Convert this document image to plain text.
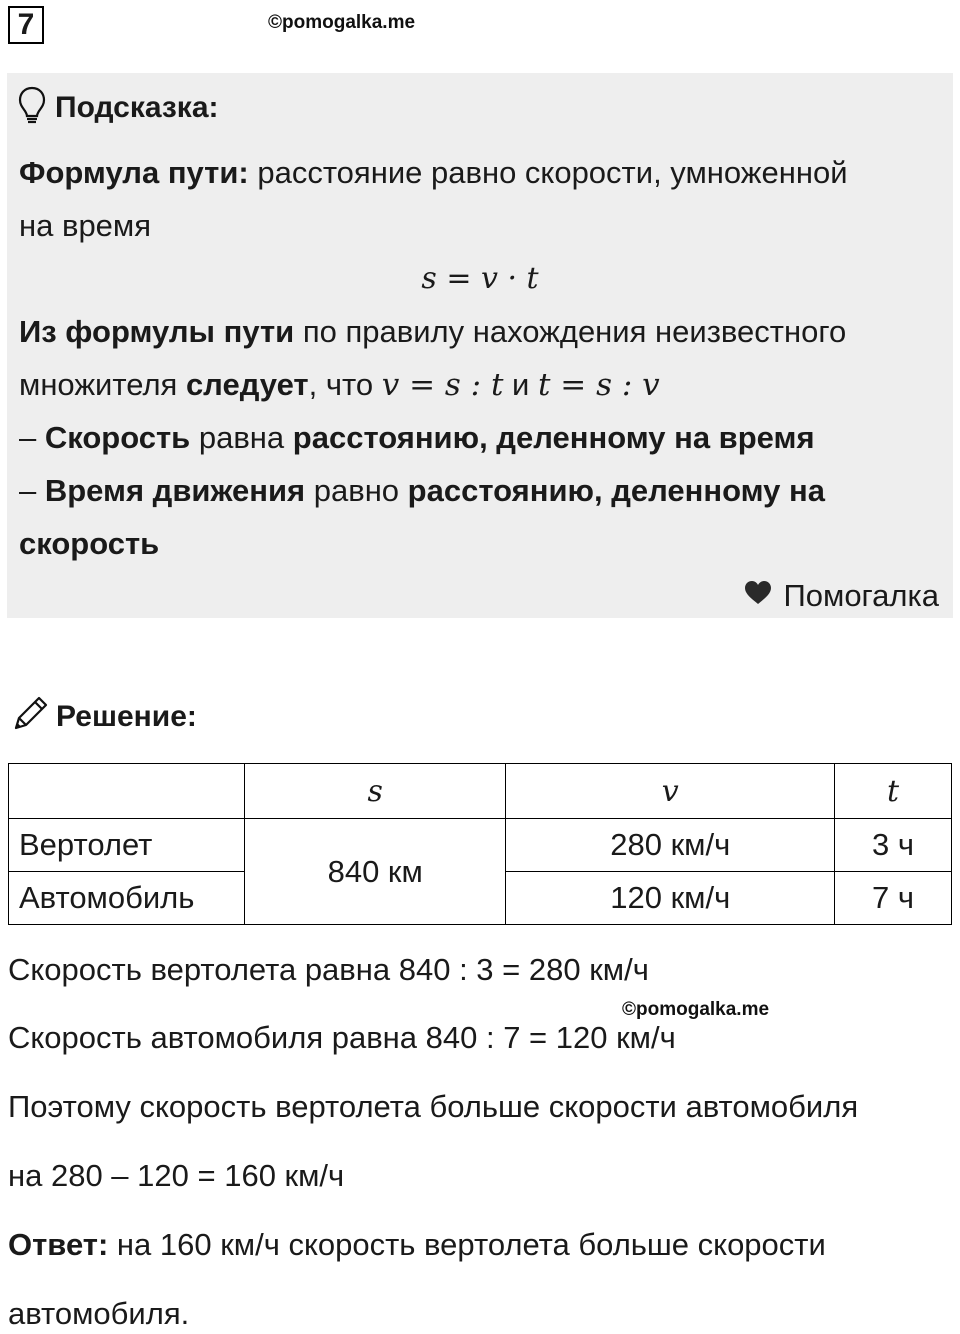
7	©pomogalka.me
Подсказка:
Формула пути: расстояние равно скорости, умноженной
на время
s = v · t
Из формулы пути по правилу нахождения неизвестного
множителя следует, что v = s : t и t = s : v
– Скорость равна расстоянию, деленному на время
– Время движения равно расстоянию, деленному на
скорость
Помогалка
Решение:
	s	v	t
Вертолет	840 км	280 км/ч	3 ч
Автомобиль		120 км/ч	7 ч
Скорость вертолета равна 840 : 3 = 280 км/ч
©pomogalka.me
Скорость автомобиля равна 840 : 7 = 120 км/ч
Поэтому скорость вертолета больше скорости автомобиля
на 280 – 120 = 160 км/ч
Ответ: на 160 км/ч скорость вертолета больше скорости
автомобиля.
